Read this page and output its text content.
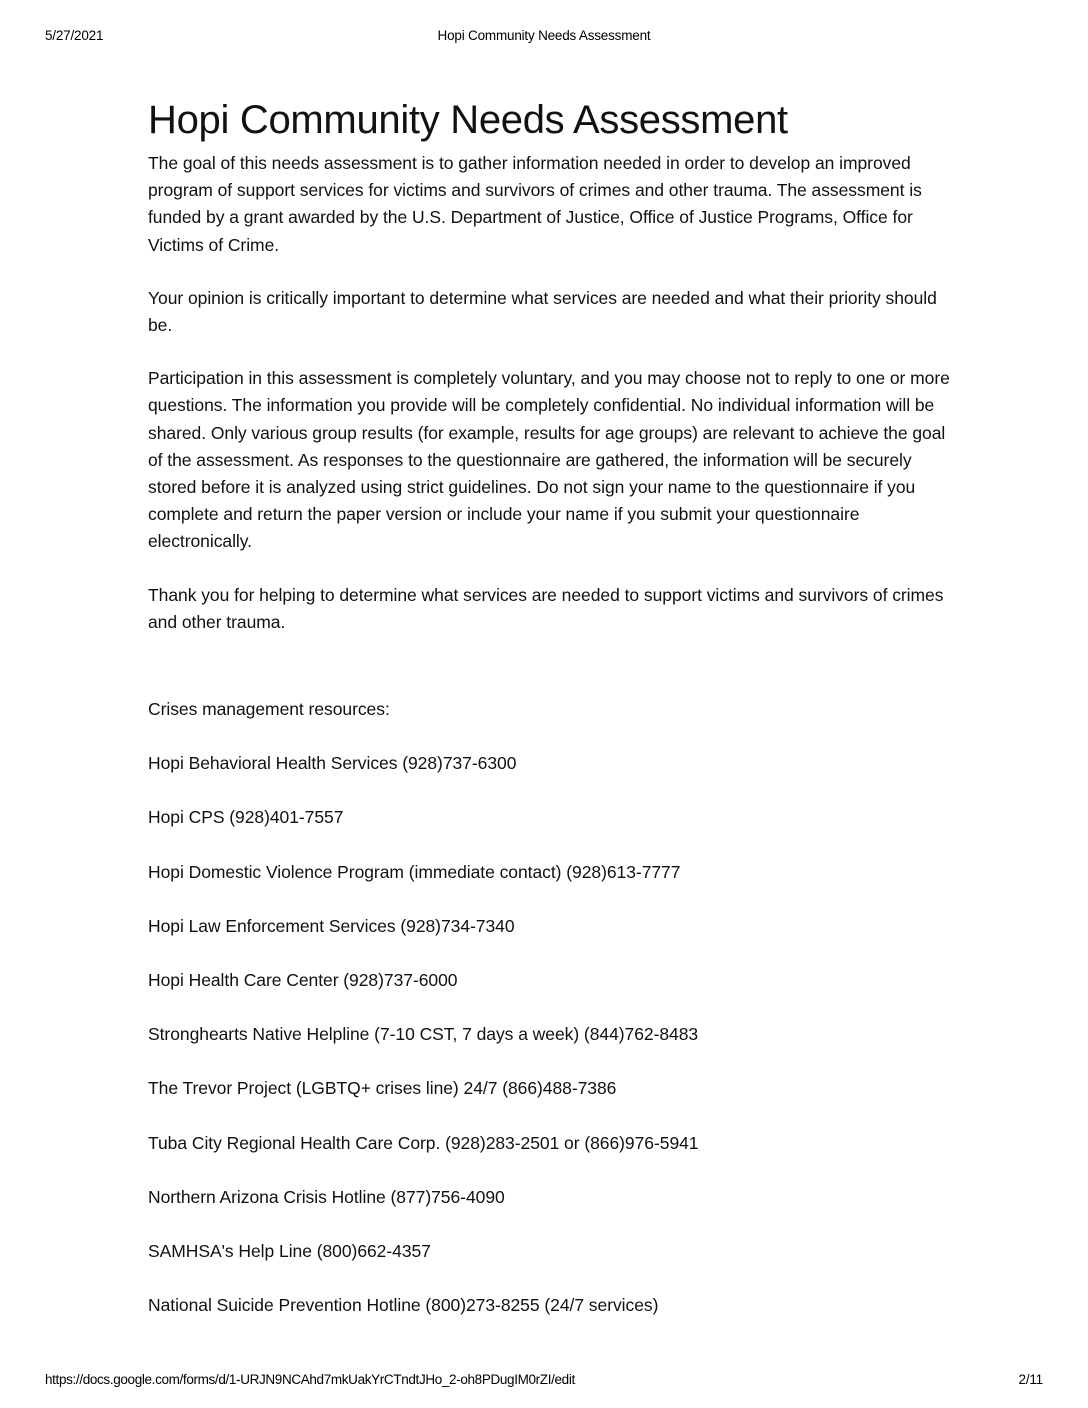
5/27/2021	Hopi Community Needs Assessment
Hopi Community Needs Assessment

The goal of this needs assessment is to gather information needed in order to develop an improved program of support services for victims and survivors of crimes and other trauma. The assessment is funded by a grant awarded by the U.S. Department of Justice, Office of Justice Programs, Office for Victims of Crime.

Your opinion is critically important to determine what services are needed and what their priority should be.

Participation in this assessment is completely voluntary, and you may choose not to reply to one or more questions. The information you provide will be completely confidential. No individual information will be shared. Only various group results (for example, results for age groups) are relevant to achieve the goal of the assessment. As responses to the questionnaire are gathered, the information will be securely stored before it is analyzed using strict guidelines. Do not sign your name to the questionnaire if you complete and return the paper version or include your name if you submit your questionnaire electronically.

Thank you for helping to determine what services are needed to support victims and survivors of crimes and other trauma.

Crises management resources:

Hopi Behavioral Health Services (928)737-6300
Hopi CPS (928)401-7557
Hopi Domestic Violence Program (immediate contact) (928)613-7777
Hopi Law Enforcement Services (928)734-7340
Hopi Health Care Center (928)737-6000
Stronghearts Native Helpline (7-10 CST, 7 days a week) (844)762-8483
The Trevor Project (LGBTQ+ crises line) 24/7 (866)488-7386
Tuba City Regional Health Care Corp. (928)283-2501 or (866)976-5941
Northern Arizona Crisis Hotline (877)756-4090
SAMHSA's Help Line (800)662-4357
National Suicide Prevention Hotline (800)273-8255 (24/7 services)
https://docs.google.com/forms/d/1-URJN9NCAhd7mkUakYrCTndtJHo_2-oh8PDugIM0rZI/edit	2/11
